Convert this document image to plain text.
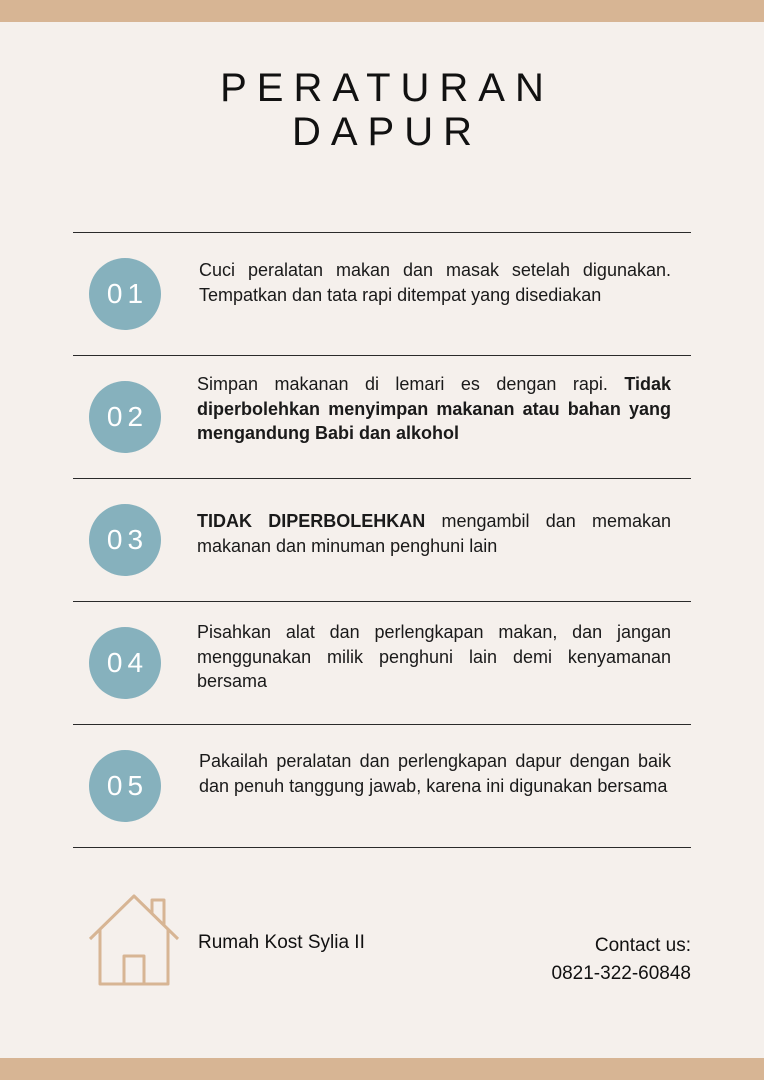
PERATURAN
DAPUR
01
Cuci peralatan makan dan masak setelah digunakan. Tempatkan dan tata rapi ditempat yang disediakan
02
Simpan makanan di lemari es dengan rapi. Tidak diperbolehkan menyimpan makanan atau bahan yang mengandung Babi dan alkohol
03
TIDAK DIPERBOLEHKAN mengambil dan memakan makanan dan minuman penghuni lain
04
Pisahkan alat dan perlengkapan makan, dan jangan menggunakan milik penghuni lain demi kenyamanan bersama
05
Pakailah peralatan dan perlengkapan dapur dengan baik dan penuh tanggung jawab, karena ini digunakan bersama
Rumah Kost Sylia II	Contact us:
0821-322-60848
